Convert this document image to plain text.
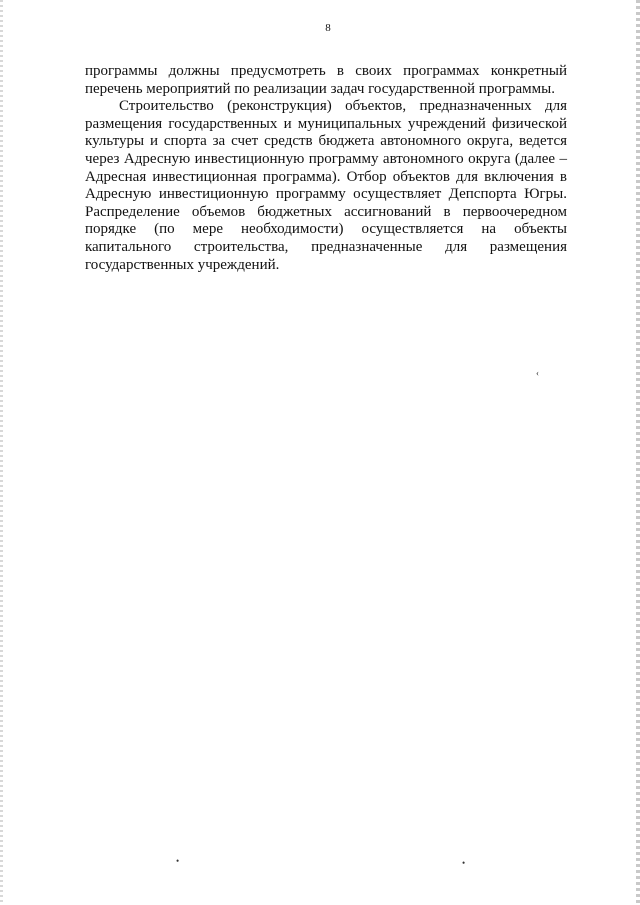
8

программы должны предусмотреть в своих программах конкретный перечень мероприятий по реализации задач государственной программы.

Строительство (реконструкция) объектов, предназначенных для размещения государственных и муниципальных учреждений физической культуры и спорта за счет средств бюджета автономного округа, ведется через Адресную инвестиционную программу автономного округа (далее – Адресная инвестиционная программа). Отбор объектов для включения в Адресную инвестиционную программу осуществляет Депспорта Югры. Распределение объемов бюджетных ассигнований в первоочередном порядке (по мере необходимости) осуществляется на объекты капитального строительства, предназначенные для размещения государственных учреждений.

‹
•	•
